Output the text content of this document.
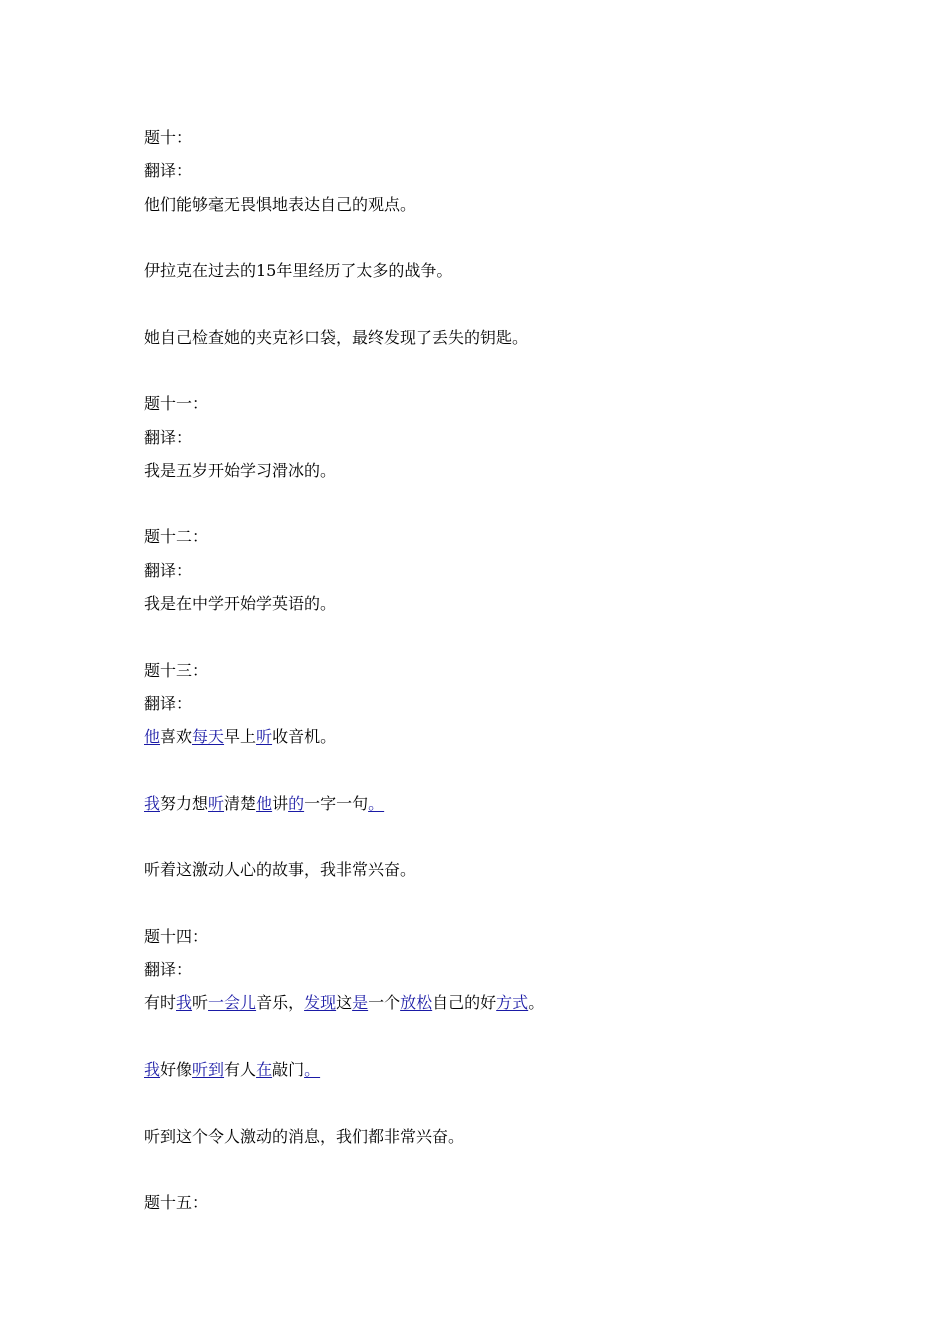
题十：
翻译：
他们能够毫无畏惧地表达自己的观点。
伊拉克在过去的15年里经历了太多的战争。
她自己检查她的夹克衫口袋，最终发现了丢失的钥匙。
题十一：
翻译：
我是五岁开始学习滑冰的。
题十二：
翻译：
我是在中学开始学英语的。
题十三：
翻译：
他喜欢每天早上听收音机。
我努力想听清楚他讲的一字一句。
听着这激动人心的故事，我非常兴奋。
题十四：
翻译：
有时我听一会儿音乐，发现这是一个放松自己的好方式。
我好像听到有人在敲门。
听到这个令人激动的消息，我们都非常兴奋。
题十五：
